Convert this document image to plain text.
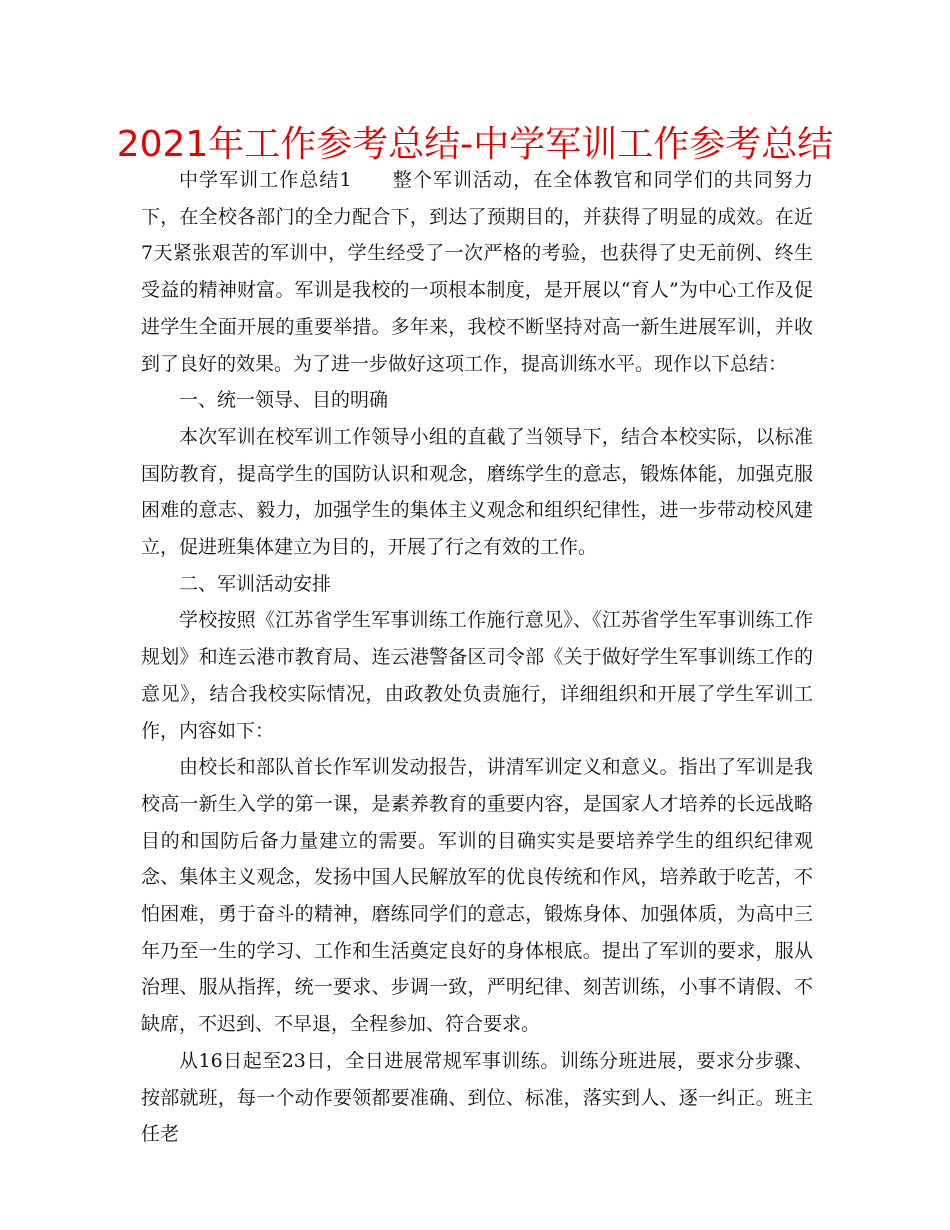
2021年工作参考总结-中学军训工作参考总结

中学军训工作总结1　　整个军训活动，在全体教官和同学们的共同努力下，在全校各部门的全力配合下，到达了预期目的，并获得了明显的成效。在近7天紧张艰苦的军训中，学生经受了一次严格的考验，也获得了史无前例、终生受益的精神财富。军训是我校的一项根本制度，是开展以“育人”为中心工作及促进学生全面开展的重要举措。多年来，我校不断坚持对高一新生进展军训，并收到了良好的效果。为了进一步做好这项工作，提高训练水平。现作以下总结：

一、统一领导、目的明确

本次军训在校军训工作领导小组的直截了当领导下，结合本校实际，以标准国防教育，提高学生的国防认识和观念，磨练学生的意志，锻炼体能，加强克服困难的意志、毅力，加强学生的集体主义观念和组织纪律性，进一步带动校风建立，促进班集体建立为目的，开展了行之有效的工作。

二、军训活动安排

学校按照《江苏省学生军事训练工作施行意见》、《江苏省学生军事训练工作规划》和连云港市教育局、连云港警备区司令部《关于做好学生军事训练工作的意见》，结合我校实际情况，由政教处负责施行，详细组织和开展了学生军训工作，内容如下：

由校长和部队首长作军训发动报告，讲清军训定义和意义。指出了军训是我校高一新生入学的第一课，是素养教育的重要内容，是国家人才培养的长远战略目的和国防后备力量建立的需要。军训的目确实实是要培养学生的组织纪律观念、集体主义观念，发扬中国人民解放军的优良传统和作风，培养敢于吃苦，不怕困难，勇于奋斗的精神，磨练同学们的意志，锻炼身体、加强体质，为高中三年乃至一生的学习、工作和生活奠定良好的身体根底。提出了军训的要求，服从治理、服从指挥，统一要求、步调一致，严明纪律、刻苦训练，小事不请假、不缺席，不迟到、不早退，全程参加、符合要求。

从16日起至23日，全日进展常规军事训练。训练分班进展，要求分步骤、按部就班，每一个动作要领都要准确、到位、标准，落实到人、逐一纠正。班主任老
